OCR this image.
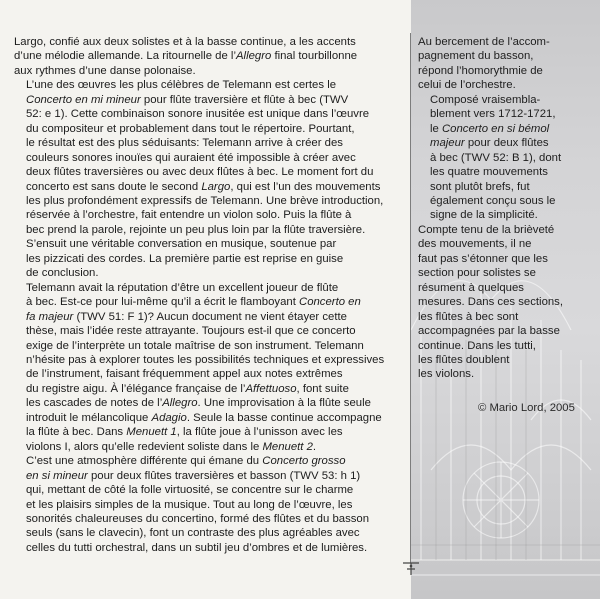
Largo, confié aux deux solistes et à la basse continue, a les accents
d’une mélodie allemande. La ritournelle de l’Allegro final tourbillonne
aux rythmes d’une danse polonaise.

L’une des œuvres les plus célèbres de Telemann est certes le
Concerto en mi mineur pour flûte traversière et flûte à bec (TWV
52: e 1). Cette combinaison sonore inusitée est unique dans l’œuvre
du compositeur et probablement dans tout le répertoire. Pourtant,
le résultat est des plus séduisants: Telemann arrive à créer des
couleurs sonores inouïes qui auraient été impossible à créer avec
deux flûtes traversières ou avec deux flûtes à bec. Le moment fort du
concerto est sans doute le second Largo, qui est l’un des mouvements
les plus profondément expressifs de Telemann. Une brève introduction,
réservée à l’orchestre, fait entendre un violon solo. Puis la flûte à
bec prend la parole, rejointe un peu plus loin par la flûte traversière.
S’ensuit une véritable conversation en musique, soutenue par
les pizzicati des cordes. La première partie est reprise en guise
de conclusion.

Telemann avait la réputation d’être un excellent joueur de flûte
à bec. Est-ce pour lui-même qu’il a écrit le flamboyant Concerto en
fa majeur (TWV 51: F 1)? Aucun document ne vient étayer cette
thèse, mais l’idée reste attrayante. Toujours est-il que ce concerto
exige de l’interprète un totale maîtrise de son instrument. Telemann
n’hésite pas à explorer toutes les possibilités techniques et expressives
de l’instrument, faisant fréquemment appel aux notes extrêmes
du registre aigu. À l’élégance française de l’Affettuoso, font suite
les cascades de notes de l’Allegro. Une improvisation à la flûte seule
introduit le mélancolique Adagio. Seule la basse continue accompagne
la flûte à bec. Dans Menuett 1, la flûte joue à l’unisson avec les
violons I, alors qu’elle redevient soliste dans le Menuett 2.

C’est une atmosphère différente qui émane du Concerto grosso
en si mineur pour deux flûtes traversières et basson (TWV 53: h 1)
qui, mettant de côté la folle virtuosité, se concentre sur le charme
et les plaisirs simples de la musique. Tout au long de l’œuvre, les
sonorités chaleureuses du concertino, formé des flûtes et du basson
seuls (sans le clavecin), font un contraste des plus agréables avec
celles du tutti orchestral, dans un subtil jeu d’ombres et de lumières.

Au bercement de l’accom-
pagnement du basson,
répond l’homorythmie de
celui de l’orchestre.

Composé vraisembla-
blement vers 1712-1721,
le Concerto en si bémol
majeur pour deux flûtes
à bec (TWV 52: B 1), dont
les quatre mouvements
sont plutôt brefs, fut
également conçu sous le
signe de la simplicité.

Compte tenu de la brièveté
des mouvements, il ne
faut pas s’étonner que les
section pour solistes se
résument à quelques
mesures. Dans ces sections,
les flûtes à bec sont
accompagnées par la basse
continue. Dans les tutti,
les flûtes doublent
les violons.

© Mario Lord, 2005
